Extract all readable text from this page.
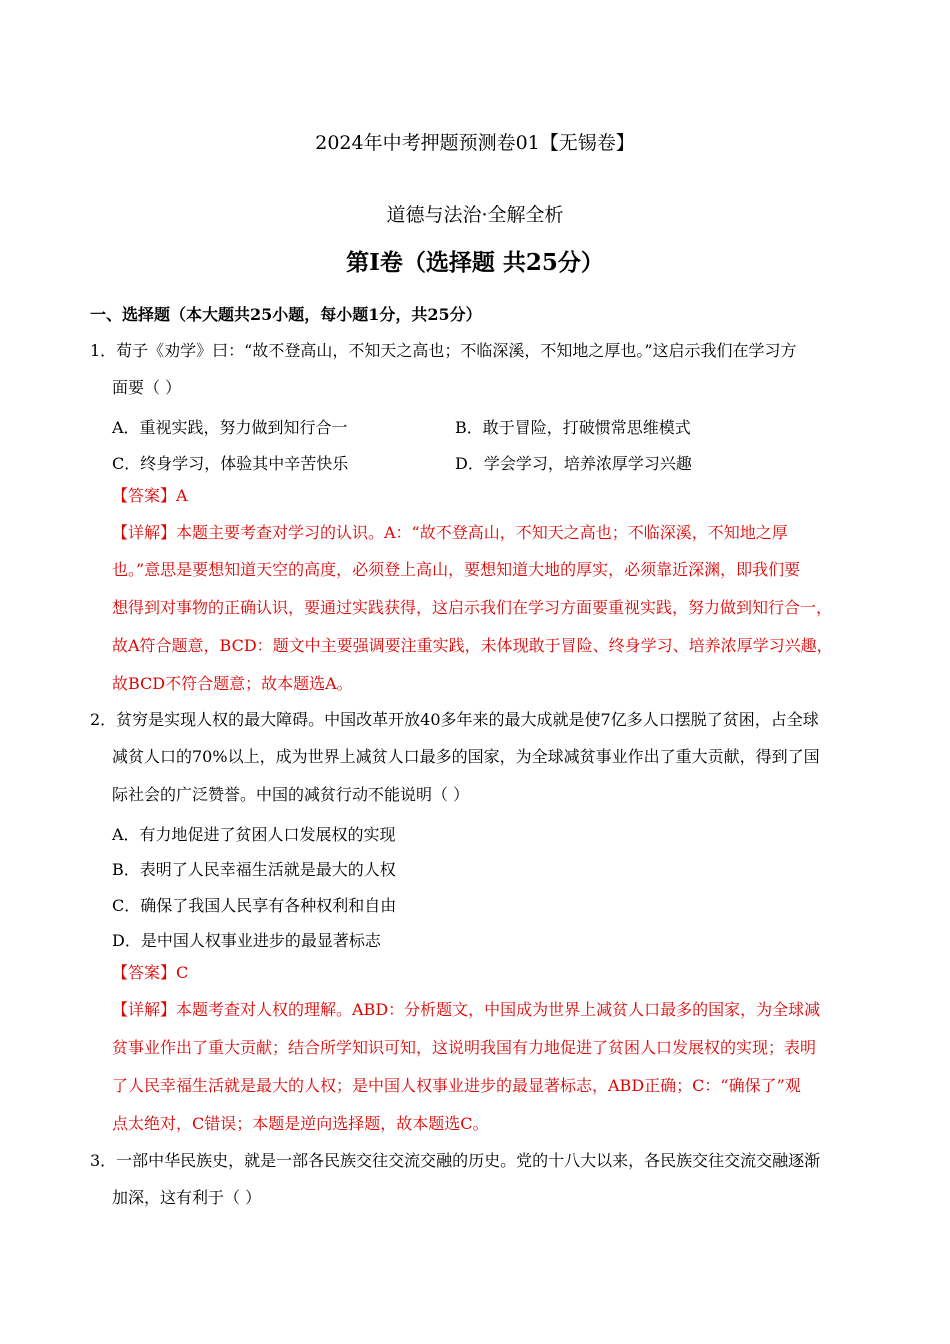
2024年中考押题预测卷01【无锡卷】
道德与法治·全解全析
第Ⅰ卷（选择题 共25分）
一、选择题（本大题共25小题，每小题1分，共25分）
1．荀子《劝学》曰：“故不登高山，不知天之高也；不临深溪，不知地之厚也。”这启示我们在学习方
面要（ ）
A．重视实践，努力做到知行合一	B．敢于冒险，打破惯常思维模式
C．终身学习，体验其中辛苦快乐	D．学会学习，培养浓厚学习兴趣
【答案】A
【详解】本题主要考查对学习的认识。A：“故不登高山，不知天之高也；不临深溪，不知地之厚
也。”意思是要想知道天空的高度，必须登上高山，要想知道大地的厚实，必须靠近深渊，即我们要
想得到对事物的正确认识，要通过实践获得，这启示我们在学习方面要重视实践，努力做到知行合一，
故A符合题意，BCD：题文中主要强调要注重实践，未体现敢于冒险、终身学习、培养浓厚学习兴趣，
故BCD不符合题意；故本题选A。
2．贫穷是实现人权的最大障碍。中国改革开放40多年来的最大成就是使7亿多人口摆脱了贫困，占全球
减贫人口的70%以上，成为世界上减贫人口最多的国家，为全球减贫事业作出了重大贡献，得到了国
际社会的广泛赞誉。中国的减贫行动不能说明（ ）
A．有力地促进了贫困人口发展权的实现
B．表明了人民幸福生活就是最大的人权
C．确保了我国人民享有各种权利和自由
D．是中国人权事业进步的最显著标志
【答案】C
【详解】本题考查对人权的理解。ABD：分析题文，中国成为世界上减贫人口最多的国家，为全球减
贫事业作出了重大贡献；结合所学知识可知，这说明我国有力地促进了贫困人口发展权的实现；表明
了人民幸福生活就是最大的人权；是中国人权事业进步的最显著标志，ABD正确；C：“确保了”观
点太绝对，C错误；本题是逆向选择题，故本题选C。
3．一部中华民族史，就是一部各民族交往交流交融的历史。党的十八大以来，各民族交往交流交融逐渐
加深，这有利于（ ）
